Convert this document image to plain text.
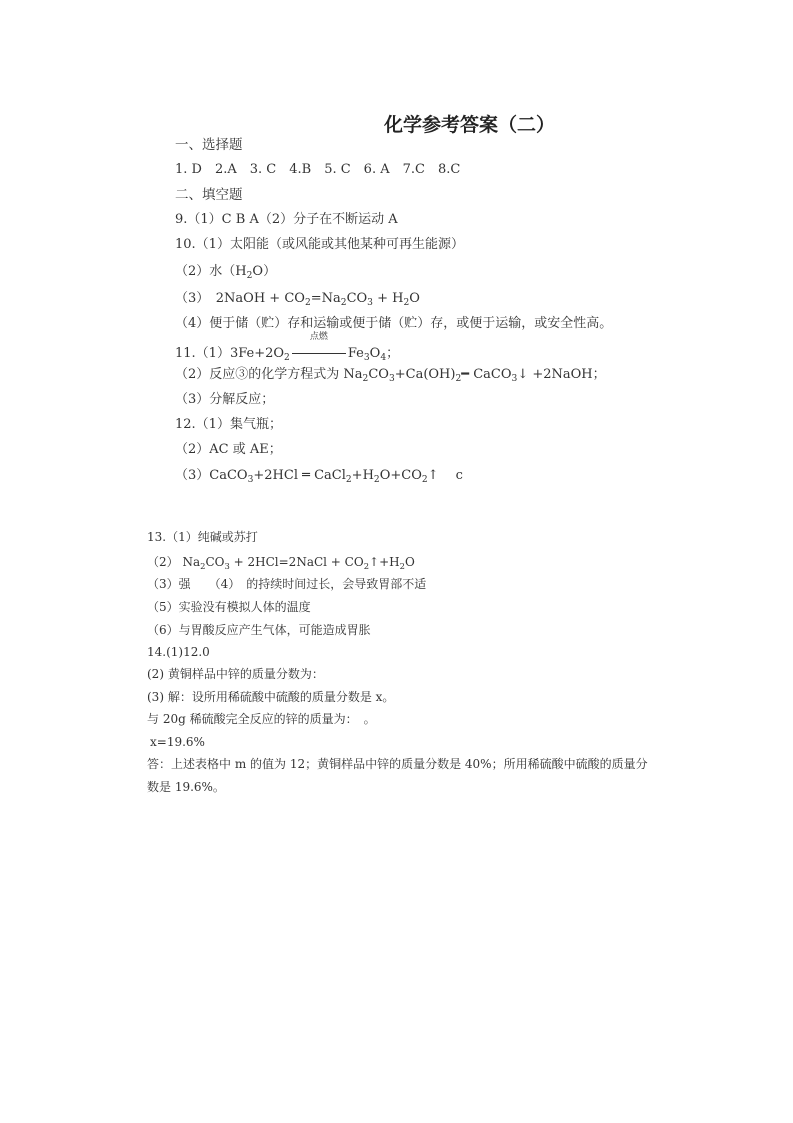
化学参考答案（二）
一、选择题
1. D　2.A　3. C　4.B　5. C　6. A　7.C　8.C
二、填空题
9.（1）C B A（2）分子在不断运动 A
10.（1）太阳能（或风能或其他某种可再生能源）
（2）水$(H_2O)$
（3）　2NaOH + $CO_2=Na_2CO_3 + H_2O$
（4）便于储（贮）存和运输或便于储（贮）存，或便于运输，或安全性高。
$11.(1)3Fe+2O_2$
点燃
$Fe_3O_4$；
（2）反应③的化学方程式为 $Na_2CO_3+Ca(OH)_2━$ CaCO$_3$↓ +2NaOH；
（3）分解反应；
12.（1）集气瓶；
（2）AC 或 AE；
（3）CaCO$_3$+2HCl ═ $CaCl_2+H_2O+CO_2↑$　 c
13.（1）纯碱或苏打
（2） $Na_2CO_3$ + 2HCl=2NaCl + $CO_2↑+H_2O$
（3）强　　（4）　的持续时间过长，会导致胃部不适
（5）实验没有模拟人体的温度
（6）与胃酸反应产生气体，可能造成胃胀
14.(1)12.0
(2) 黄铜样品中锌的质量分数为：
(3) 解：设所用稀硫酸中硫酸的质量分数是 x。
与 20g 稀硫酸完全反应的锌的质量为：　。
x=19.6%
答：上述表格中 m 的值为 12；黄铜样品中锌的质量分数是 40%；所用稀硫酸中硫酸的质量分
数是 19.6%。
